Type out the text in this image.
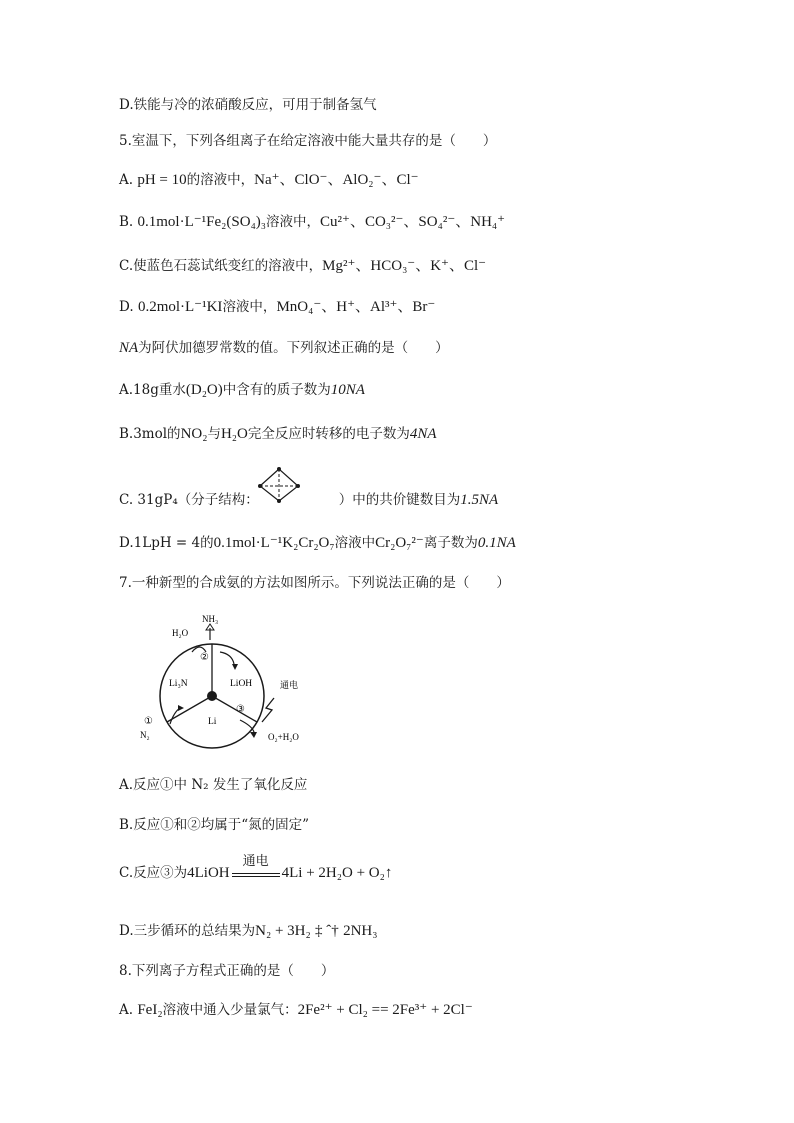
D.铁能与冷的浓硝酸反应，可用于制备氢气
5.室温下，下列各组离子在给定溶液中能大量共存的是（　　）
A. pH = 10的溶液中，Na⁺、ClO⁻、AlO₂⁻、Cl⁻
B. 0.1mol·L⁻¹Fe₂(SO₄)₃溶液中，Cu²⁺、CO₃²⁻、SO₄²⁻、NH₄⁺
C.使蓝色石蕊试纸变红的溶液中，Mg²⁺、HCO₃⁻、K⁺、Cl⁻
D. 0.2mol·L⁻¹KI溶液中，MnO₄⁻、H⁺、Al³⁺、Br⁻
NA为阿伏加德罗常数的值。下列叙述正确的是（　　）
A.18g重水(D₂O)中含有的质子数为10NA
B.3mol的NO₂与H₂O完全反应时转移的电子数为4NA
C. 31gP₄（分子结构：	）中的共价键数目为1.5NA
D.1LpH = 4的0.1mol·L⁻¹K₂Cr₂O₇溶液中Cr₂O₇²⁻离子数为0.1NA
7.一种新型的合成氨的方法如图所示。下列说法正确的是（　　）
NH₃
H₂O
Li₃N	LiOH
Li
N₂	O₂+H₂O
通电
②
①
③
A.反应①中 N₂ 发生了氧化反应
B.反应①和②均属于“氮的固定”
C.反应③为4LiOH
通电
4Li + 2H₂O + O₂↑
D.三步循环的总结果为N₂ + 3H₂ ‡ ˆ† 2NH₃
8.下列离子方程式正确的是（　　）
A. FeI₂溶液中通入少量氯气：2Fe²⁺ + Cl₂ == 2Fe³⁺ + 2Cl⁻
